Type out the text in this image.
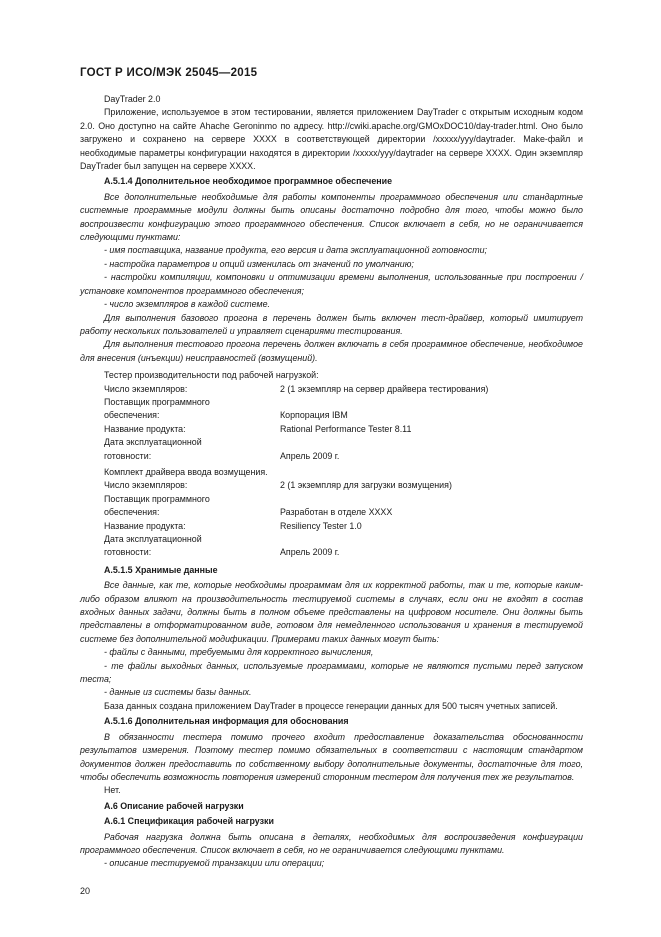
ГОСТ Р ИСО/МЭК 25045—2015

DayTrader 2.0

Приложение, используемое в этом тестировании, является приложением DayTrader с открытым исходным кодом 2.0. Оно доступно на сайте Ahache Geroninmo по адресу. http://cwiki.apache.org/GMOxDOC10/day-trader.html. Оно было загружено и сохранено на сервере XXXX в соответствующей директории /xxxxx/yyy/daytrader. Make-файл и необходимые параметры конфигурации находятся в директории /xxxxx/yyy/daytrader на сервере XXXX. Один экземпляр DayTrader был запущен на сервере XXXX.

А.5.1.4 Дополнительное необходимое программное обеспечение

Все дополнительные необходимые для работы компоненты программного обеспечения или стандартные системные программные модули должны быть описаны достаточно подробно для того, чтобы можно было воспроизвести конфигурацию этого программного обеспечения. Список включает в себя, но не ограничивается следующими пунктами:

- имя поставщика, название продукта, его версия и дата эксплуатационной готовности;

- настройка параметров и опций изменилась от значений по умолчанию;

- настройки компиляции, компоновки и оптимизации времени выполнения, использованные при построении / установке компонентов программного обеспечения;

- число экземпляров в каждой системе.

Для выполнения базового прогона в перечень должен быть включен тест-драйвер, который имитирует работу нескольких пользователей и управляет сценариями тестирования.

Для выполнения тестового прогона перечень должен включать в себя программное обеспечение, необходимое для внесения (инъекции) неисправностей (возмущений).

Тестер производительности под рабочей нагрузкой:
Число экземпляров:	2 (1 экземпляр на сервер драйвера тестирования)
Поставщик программного
обеспечения:	Корпорация IBM
Название продукта:	Rational Performance Tester 8.11
Дата эксплуатационной
готовности:	Апрель 2009 г.
Комплект драйвера ввода возмущения.
Число экземпляров:	2 (1 экземпляр для загрузки возмущения)
Поставщик программного
обеспечения:	Разработан в отделе XXXX
Название продукта:	Resiliency Tester 1.0
Дата эксплуатационной
готовности:	Апрель 2009 г.
А.5.1.5 Хранимые данные

Все данные, как те, которые необходимы программам для их корректной работы, так и те, которые каким-либо образом влияют на производительность тестируемой системы в случаях, если они не входят в состав входных данных задачи, должны быть в полном объеме представлены на цифровом носителе. Они должны быть представлены в отформатированном виде, готовом для немедленного использования и хранения в тестируемой системе без дополнительной модификации. Примерами таких данных могут быть:

- файлы с данными, требуемыми для корректного вычисления,

- те файлы выходных данных, используемые программами, которые не являются пустыми перед запуском теста;

- данные из системы базы данных.

База данных создана приложением DayTrader в процессе генерации данных для 500 тысяч учетных записей.

А.5.1.6 Дополнительная информация для обоснования

В обязанности тестера помимо прочего входит предоставление доказательства обоснованности результатов измерения. Поэтому тестер помимо обязательных в соответствии с настоящим стандартом документов должен предоставить по собственному выбору дополнительные документы, достаточные для того, чтобы обеспечить возможность повторения измерений сторонним тестером для получения тех же результатов.

Нет.

А.6 Описание рабочей нагрузки
А.6.1 Спецификация рабочей нагрузки

Рабочая нагрузка должна быть описана в деталях, необходимых для воспроизведения конфигурации программного обеспечения. Список включает в себя, но не ограничивается следующими пунктами.

- описание тестируемой транзакции или операции;

20
